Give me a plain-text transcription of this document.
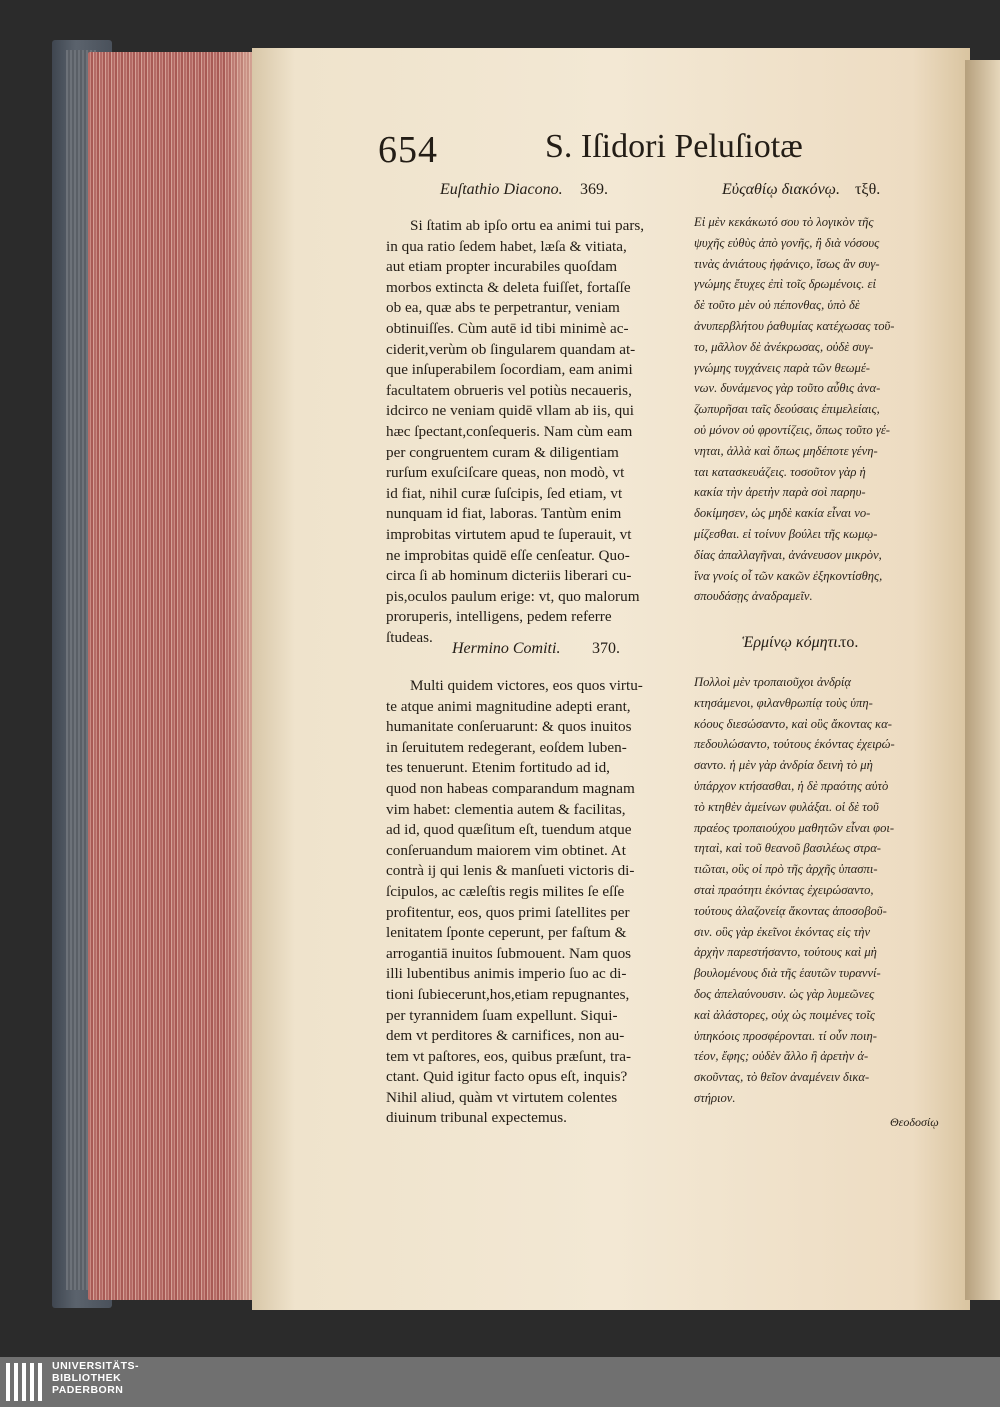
654	S. Iſidori Peluſiotæ
Euſtathio Diacono. 369.	Εὐςαθίῳ διακόνῳ. τξθ.
Si ſtatim ab ipſo ortu ea animi tui pars,
in qua ratio ſedem habet, læſa & vitiata,
aut etiam propter incurabiles quoſdam
morbos extincta & deleta fuiſſet, fortaſſe
ob ea, quæ abs te perpetrantur, veniam
obtinuiſſes. Cùm autē id tibi minimè ac-
ciderit,verùm ob ſingularem quandam at-
que inſuperabilem ſocordiam, eam animi
facultatem obrueris vel potiùs necaueris,
idcirco ne veniam quidē vllam ab iis, qui
hæc ſpectant,conſequeris. Nam cùm eam
per congruentem curam & diligentiam
rurſum exuſciſcare queas, non modò, vt
id fiat, nihil curæ ſuſcipis, ſed etiam, vt
nunquam id fiat, laboras. Tantùm enim
improbitas virtutem apud te ſuperauit, vt
ne improbitas quidē eſſe cenſeatur. Quo-
circa ſi ab hominum dicteriis liberari cu-
pis,oculos paulum erige: vt, quo malorum
proruperis, intelligens, pedem referre
ſtudeas.
Εἰ μὲν κεκάκωτό σου τὸ λογικὸν τῆς
ψυχῆς εὐθὺς ἀπὸ γονῆς, ἢ διὰ νόσους
τινὰς ἀνιάτους ἠφάνιςο, ἴσως ἂν συγ-
γνώμης ἔτυχες ἐπὶ τοῖς δρωμένοις. εἰ
δὲ τοῦτο μὲν οὐ πέπονθας, ὑπὸ δὲ
ἀνυπερβλήτου ῥαθυμίας κατέχωσας τοῦ-
το, μᾶλλον δὲ ἀνέκρωσας, οὐδὲ συγ-
γνώμης τυγχάνεις παρὰ τῶν θεωμέ-
νων. δυνάμενος γὰρ τοῦτο αὖθις ἀνα-
ζωπυρῆσαι ταῖς δεούσαις ἐπιμελείαις,
οὐ μόνον οὐ φροντίζεις, ὅπως τοῦτο γέ-
νηται, ἀλλὰ καὶ ὅπως μηδέποτε γένη-
ται κατασκευάζεις. τοσοῦτον γὰρ ἡ
κακία τὴν ἀρετὴν παρὰ σοὶ παρηυ-
δοκίμησεν, ὡς μηδὲ κακία εἶναι νο-
μίζεσθαι. εἰ τοίνυν βούλει τῆς κωμῳ-
δίας ἀπαλλαγῆναι, ἀνάνευσον μικρὸν,
ἵνα γνοίς οἷ τῶν κακῶν ἐξηκοντίσθης,
σπουδάσῃς ἀναδραμεῖν.
Hermino Comiti. 370.	Ἑρμίνῳ κόμητι.
το.
Multi quidem victores, eos quos virtu-
te atque animi magnitudine adepti erant,
humanitate conſeruarunt: & quos inuitos
in ſeruitutem redegerant, eoſdem luben-
tes tenuerunt. Etenim fortitudo ad id,
quod non habeas comparandum magnam
vim habet: clementia autem & facilitas,
ad id, quod quæſitum eſt, tuendum atque
conſeruandum maiorem vim obtinet. At
contrà ij qui lenis & manſueti victoris di-
ſcipulos, ac cæleſtis regis milites ſe eſſe
profitentur, eos, quos primi ſatellites per
lenitatem ſponte ceperunt, per faſtum &
arrogantiā inuitos ſubmouent. Nam quos
illi lubentibus animis imperio ſuo ac di-
tioni ſubiecerunt,hos,etiam repugnantes,
per tyrannidem ſuam expellunt. Siqui-
dem vt perditores & carnifices, non au-
tem vt paſtores, eos, quibus præſunt, tra-
ctant. Quid igitur facto opus eſt, inquis?
Nihil aliud, quàm vt virtutem colentes
diuinum tribunal expectemus.
Πολλοὶ μὲν τροπαιοῦχοι ἀνδρίᾳ
κτησάμενοι, φιλανθρωπίᾳ τοὺς ὑπη-
κόους διεσώσαντο, καὶ οὓς ἄκοντας κα-
πεδουλώσαντο, τούτους ἑκόντας ἐχειρώ-
σαντο. ἡ μὲν γὰρ ἀνδρία δεινὴ τὸ μὴ
ὑπάρχον κτήσασθαι, ἡ δὲ πραότης αὐτὸ
τὸ κτηθὲν ἀμείνων φυλάξαι. οἱ δὲ τοῦ
πραέος τροπαιούχου μαθητῶν εἶναι φοι-
τηταὶ, καὶ τοῦ θεανοῦ βασιλέως στρα-
τιῶται, οὓς οἱ πρὸ τῆς ἀρχῆς ὑπασπι-
σταὶ πραότητι ἑκόντας ἐχειρώσαντο,
τούτους ἀλαζονείᾳ ἄκοντας ἀποσοβοῦ-
σιν. οὓς γὰρ ἐκεῖνοι ἑκόντας εἰς τὴν
ἀρχὴν παρεστήσαντο, τούτους καὶ μὴ
βουλομένους διὰ τῆς ἑαυτῶν τυραννί-
δος ἀπελαύνουσιν. ὡς γὰρ λυμεῶνες
καὶ ἀλάστορες, οὐχ ὡς ποιμένες τοῖς
ὑπηκόοις προσφέρονται. τί οὖν ποιη-
τέον, ἔφης; οὐδὲν ἄλλο ἢ ἀρετὴν ἀ-
σκοῦντας, τὸ θεῖον ἀναμένειν δικα-
στήριον.
Θεοδοσίῳ
UNIVERSITÄTS-
BIBLIOTHEK
PADERBORN
